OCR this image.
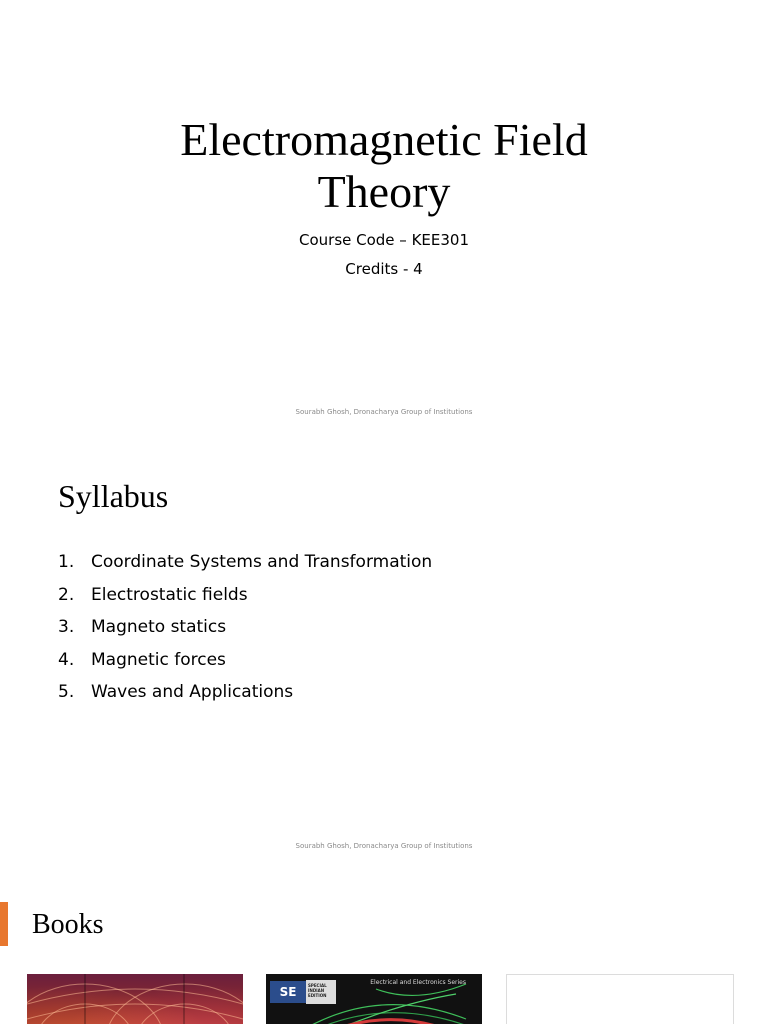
Electromagnetic Field
Theory
Course Code – KEE301
Credits - 4
Sourabh Ghosh, Dronacharya Group of Institutions
Syllabus
1. Coordinate Systems and Transformation
2. Electrostatic fields
3. Magneto statics
4. Magnetic forces
5. Waves and Applications
Sourabh Ghosh, Dronacharya Group of Institutions
Books
SE	SPECIAL INDIAN EDITION
Electrical and Electronics Series
